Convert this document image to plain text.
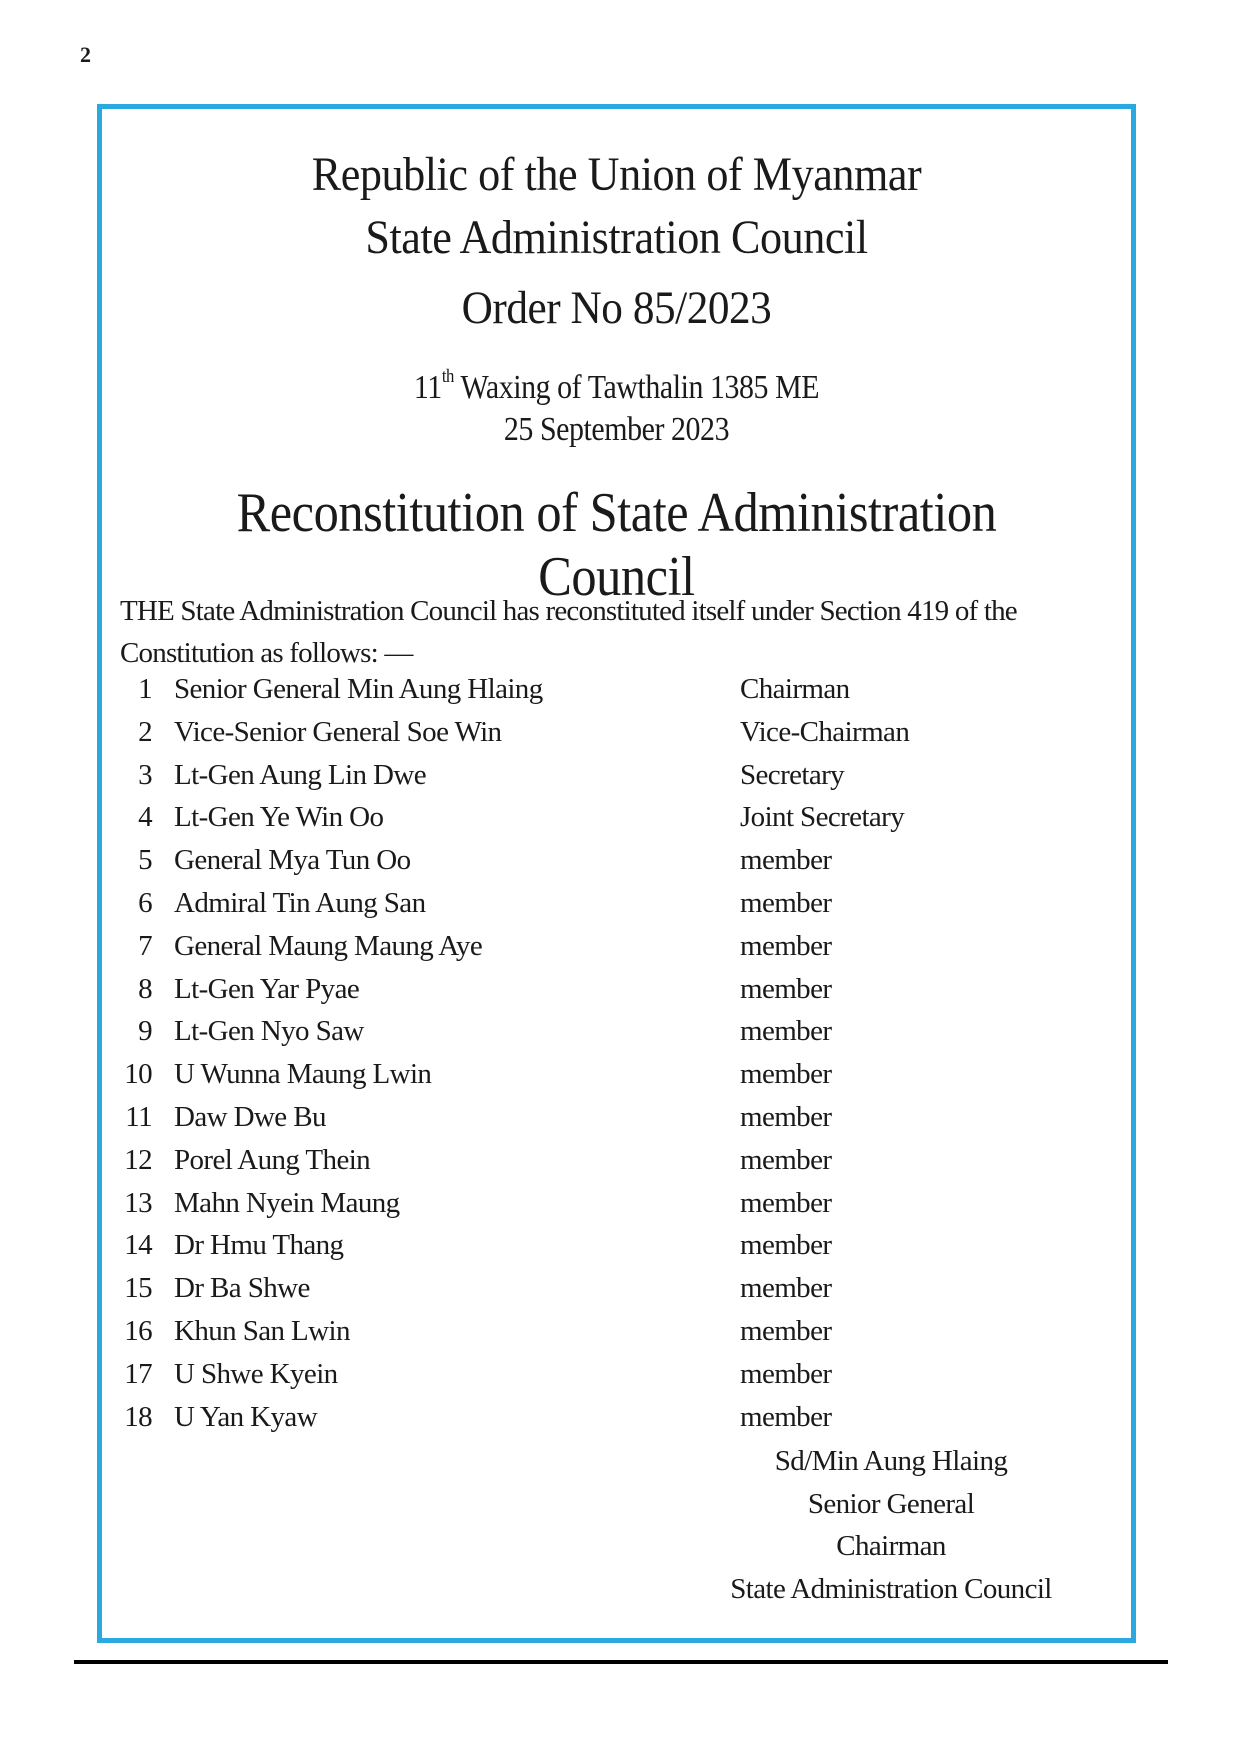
2
Republic of the Union of Myanmar
State Administration Council
Order No 85/2023
11th Waxing of Tawthalin 1385 ME
25 September 2023
Reconstitution of State Administration Council
THE State Administration Council has reconstituted itself under Section 419 of the Constitution as follows: —
1 Senior General Min Aung Hlaing	Chairman
2 Vice-Senior General Soe Win	Vice-Chairman
3 Lt-Gen Aung Lin Dwe	Secretary
4 Lt-Gen Ye Win Oo	Joint Secretary
5 General Mya Tun Oo	member
6 Admiral Tin Aung San	member
7 General Maung Maung Aye	member
8 Lt-Gen Yar Pyae	member
9 Lt-Gen Nyo Saw	member
10 U Wunna Maung Lwin	member
11 Daw Dwe Bu	member
12 Porel Aung Thein	member
13 Mahn Nyein Maung	member
14 Dr Hmu Thang	member
15 Dr Ba Shwe	member
16 Khun San Lwin	member
17 U Shwe Kyein	member
18 U Yan Kyaw	member
Sd/Min Aung Hlaing
Senior General
Chairman
State Administration Council
